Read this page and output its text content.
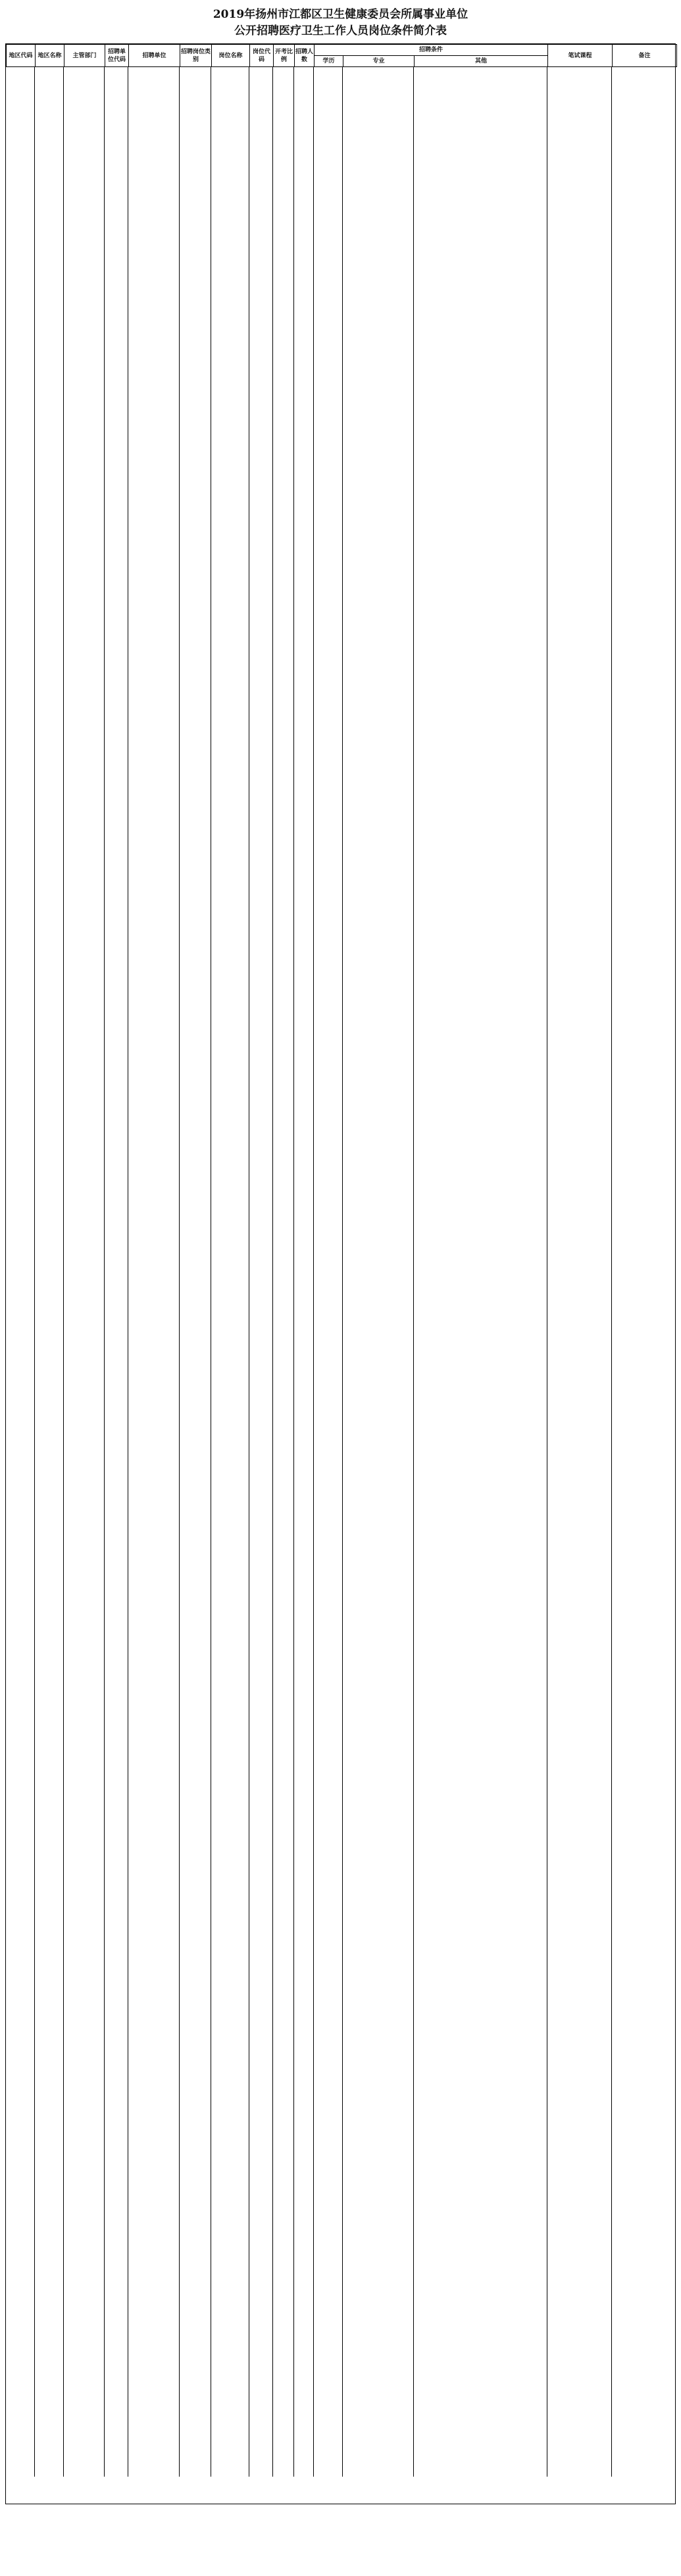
2019年扬州市江都区卫生健康委员会所属事业单位
公开招聘医疗卫生工作人员岗位条件简介表
地区代码	地区名称	主管部门	招聘单位代码	招聘单位	招聘岗位类别	岗位名称	岗位代码	开考比例	招聘人数	招聘条件			笔试课程	备注
										学历	专业	其他		
